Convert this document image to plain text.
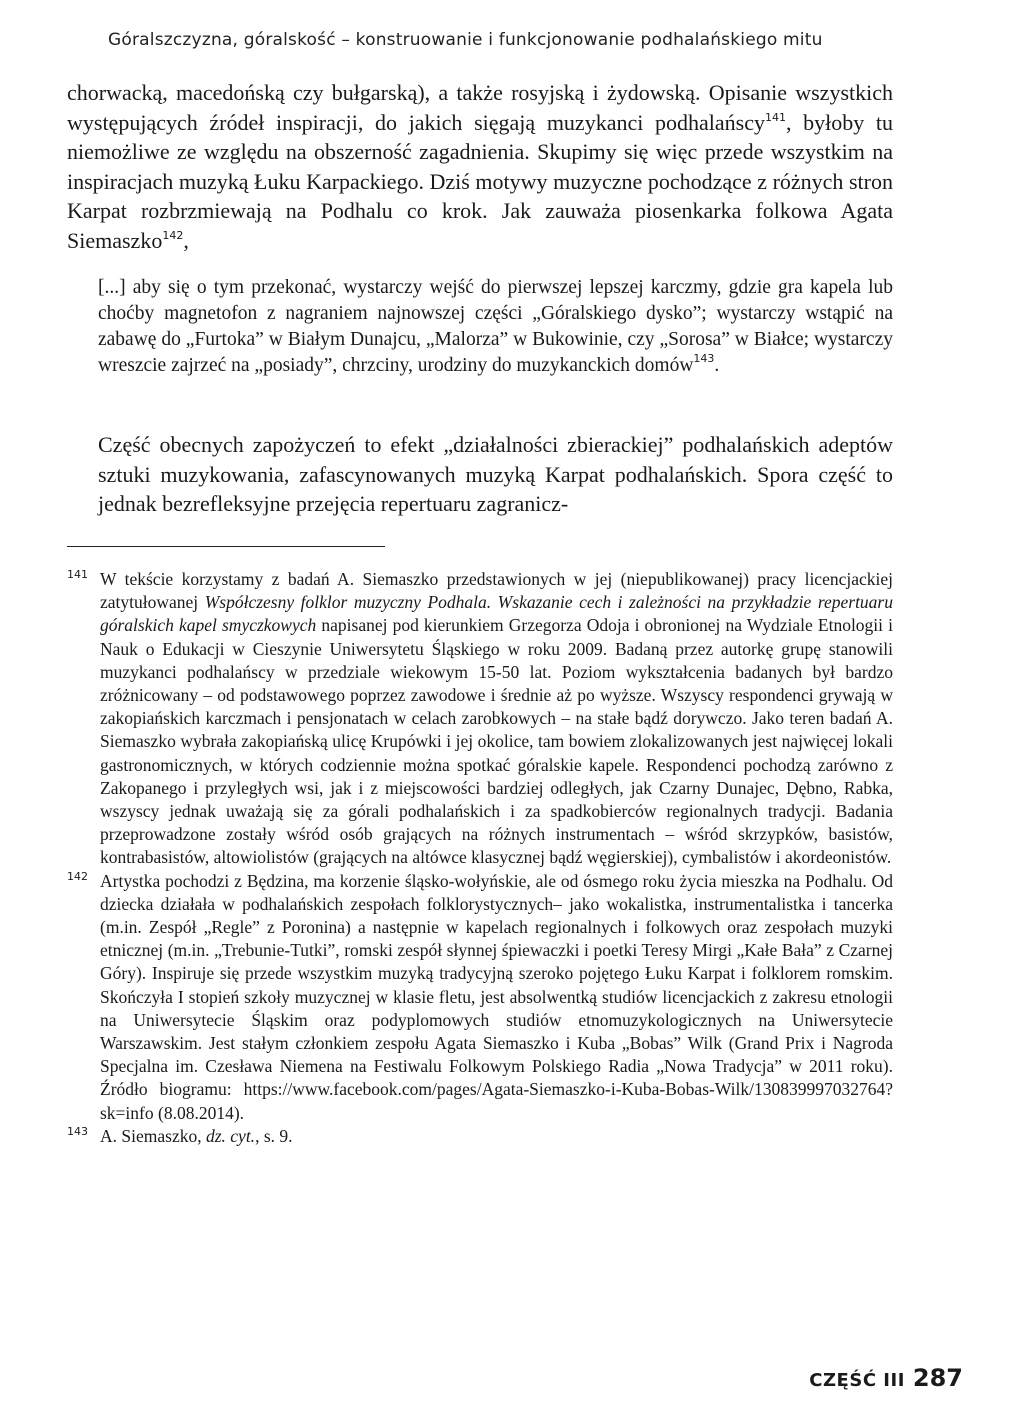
Góralszczyzna, góralskość – konstruowanie i funkcjonowanie podhalańskiego mitu

chorwacką, macedońską czy bułgarską), a także rosyjską i żydowską. Opisanie wszystkich występujących źródeł inspiracji, do jakich sięgają muzykanci podhalańscy$^{141}$, byłoby tu niemożliwe ze względu na obszerność zagadnienia. Skupimy się więc przede wszystkim na inspiracjach muzyką Łuku Karpackiego. Dziś motywy muzyczne pochodzące z różnych stron Karpat rozbrzmiewają na Podhalu co krok. Jak zauważa piosenkarka folkowa Agata Siemaszko$^{142}$,

[...] aby się o tym przekonać, wystarczy wejść do pierwszej lepszej karczmy, gdzie gra kapela lub choćby magnetofon z nagraniem najnowszej części „Góralskiego dysko”; wystarczy wstąpić na zabawę do „Furtoka” w Białym Dunajcu, „Malorza” w Bukowinie, czy „Sorosa” w Białce; wystarczy wreszcie zajrzeć na „posiady”, chrzciny, urodziny do muzykanckich domów$^{143}$.
Część obecnych zapożyczeń to efekt „działalności zbierackiej” podhalańskich adeptów sztuki muzykowania, zafascynowanych muzyką Karpat podhalańskich. Spora część to jednak bezrefleksyjne przejęcia repertuaru zagranicz-
141 W tekście korzystamy z badań A. Siemaszko przedstawionych w jej (niepublikowanej) pracy licencjackiej zatytułowanej Współczesny folklor muzyczny Podhala. Wskazanie cech i zależności na przykładzie repertuaru góralskich kapel smyczkowych napisanej pod kierunkiem Grzegorza Odoja i obronionej na Wydziale Etnologii i Nauk o Edukacji w Cieszynie Uniwersytetu Śląskiego w roku 2009. Badaną przez autorkę grupę stanowili muzykanci podhalańscy w przedziale wiekowym 15-50 lat. Poziom wykształcenia badanych był bardzo zróżnicowany – od podstawowego poprzez zawodowe i średnie aż po wyższe. Wszyscy respondenci grywają w zakopiańskich karczmach i pensjonatach w celach zarobkowych – na stałe bądź dorywczo. Jako teren badań A. Siemaszko wybrała zakopiańską ulicę Krupówki i jej okolice, tam bowiem zlokalizowanych jest najwięcej lokali gastronomicznych, w których codziennie można spotkać góralskie kapele. Respondenci pochodzą zarówno z Zakopanego i przyległych wsi, jak i z miejscowości bardziej odległych, jak Czarny Dunajec, Dębno, Rabka, wszyscy jednak uważają się za górali podhalańskich i za spadkobierców regionalnych tradycji. Badania przeprowadzone zostały wśród osób grających na różnych instrumentach – wśród skrzypków, basistów, kontrabasistów, altowiolistów (grających na altówce klasycznej bądź węgierskiej), cymbalistów i akordeonistów.
142 Artystka pochodzi z Będzina, ma korzenie śląsko-wołyńskie, ale od ósmego roku życia mieszka na Podhalu. Od dziecka działała w podhalańskich zespołach folklorystycznych– jako wokalistka, instrumentalistka i tancerka (m.in. Zespół „Regle” z Poronina) a następnie w kapelach regionalnych i folkowych oraz zespołach muzyki etnicznej (m.in. „Trebunie-Tutki”, romski zespół słynnej śpiewaczki i poetki Teresy Mirgi „Kałe Bała” z Czarnej Góry). Inspiruje się przede wszystkim muzyką tradycyjną szeroko pojętego Łuku Karpat i folklorem romskim. Skończyła I stopień szkoły muzycznej w klasie fletu, jest absolwentką studiów licencjackich z zakresu etnologii na Uniwersytecie Śląskim oraz podyplomowych studiów etnomuzykologicznych na Uniwersytecie Warszawskim. Jest stałym członkiem zespołu Agata Siemaszko i Kuba „Bobas” Wilk (Grand Prix i Nagroda Specjalna im. Czesława Niemena na Festiwalu Folkowym Polskiego Radia „Nowa Tradycja” w 2011 roku). Źródło biogramu: https://www.facebook.com/pages/Agata-Siemaszko-i-Kuba-Bobas-Wilk/130839997032764?sk=info (8.08.2014).
143 A. Siemaszko, dz. cyt., s. 9.
CZĘŚĆ III 287
